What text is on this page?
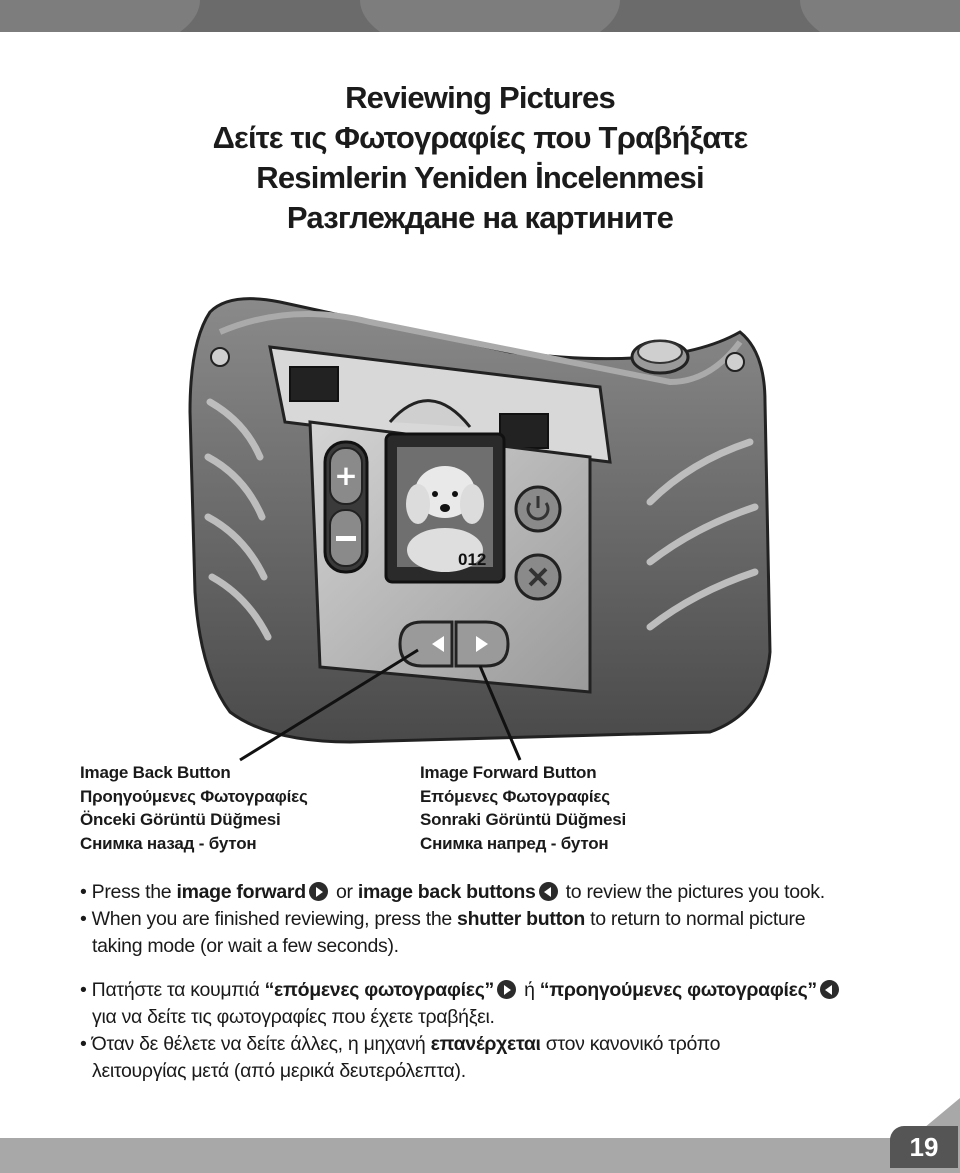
Reviewing Pictures
Δείτε τις Φωτογραφίες που Τραβήξατε
Resimlerin Yeniden İncelenmesi
Разглеждане на картините
012
+
Image Back Button
Προηγούμενες Φωτογραφίες
Önceki Görüntü Düğmesi
Снимка назад - бутон
Image Forward Button
Επόμενες Φωτογραφίες
Sonraki Görüntü Düğmesi
Снимка напред - бутон

• Press the image forward or image back buttons to review the pictures you took.

• When you are finished reviewing, press the shutter button to return to normal picture

taking mode (or wait a few seconds).

• Πατήστε τα κουμπιά “επόμενες φωτογραφίες” ή “προηγούμενες φωτογραφίες”

για να δείτε τις φωτογραφίες που έχετε τραβήξει.

• Όταν δε θέλετε να δείτε άλλες, η μηχανή επανέρχεται στον κανονικό τρόπο

λειτουργίας μετά (από μερικά δευτερόλεπτα).

19
